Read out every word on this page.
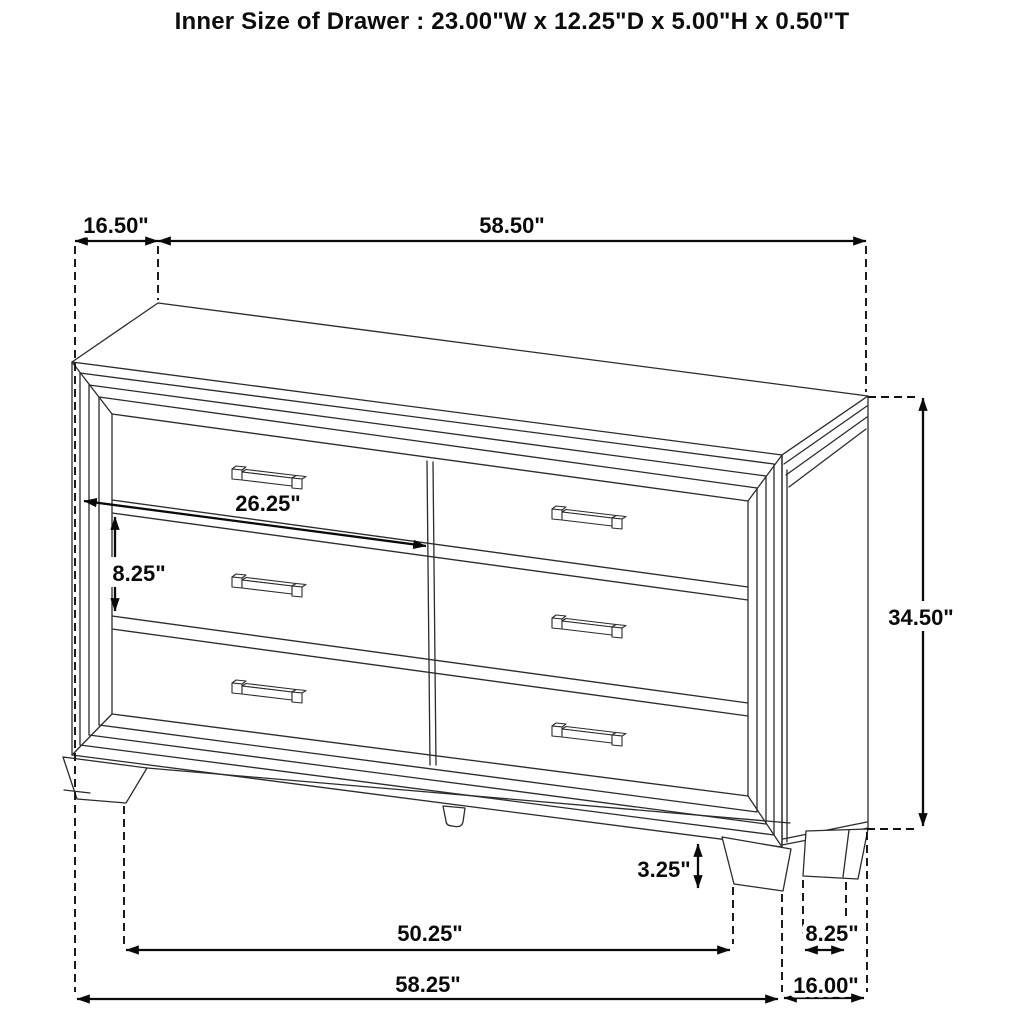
Inner Size of Drawer : 23.00"W x 12.25"D x 5.00"H x 0.50"T
16.50"	58.50"
34.50"
26.25"
8.25"
3.25"
50.25"	8.25"
58.25"	16.00"
